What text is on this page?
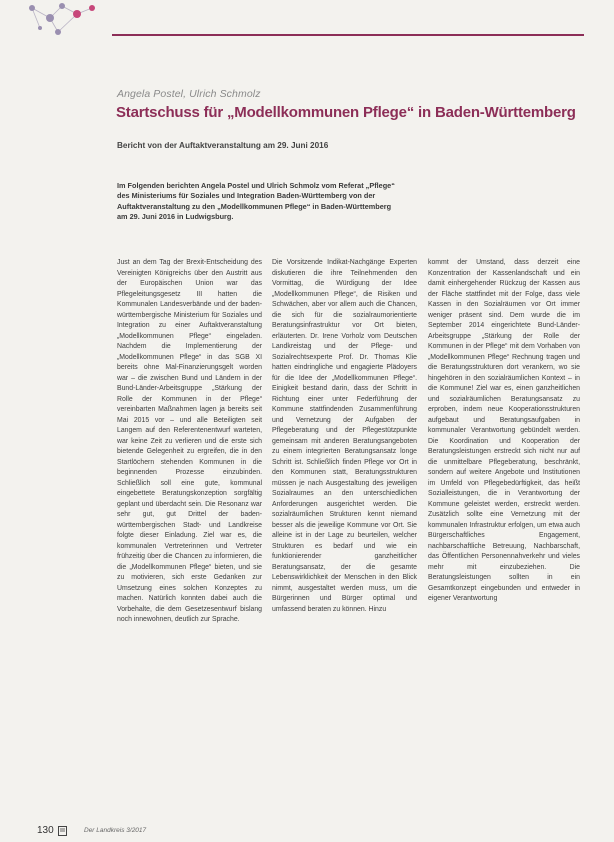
Angela Postel, Ulrich Schmolz
Startschuss für „Modellkommunen Pflege“ in Baden-Württemberg
Bericht von der Auftaktveranstaltung am 29. Juni 2016

Im Folgenden berichten Angela Postel und Ulrich Schmolz vom Referat „Pflege“ des Ministeriums für Soziales und Integration Baden-Württemberg von der Auftaktveranstaltung zu den „Modellkommunen Pflege“ in Baden-Württemberg am 29. Juni 2016 in Ludwigsburg.

Just an dem Tag der Brexit-Entscheidung des Vereinigten Königreichs über den Austritt aus der Europäischen Union war das Pflegeleitungsgesetz III hatten die Kommunalen Landesverbände und der baden-württembergische Ministerium für Soziales und Integration zu einer Auftaktveranstaltung „Modellkommunen Pflege“ eingeladen. Nachdem die Implementierung der „Modellkommunen Pflege“ in das SGB XI bereits ohne Mal-Finanzierungsgelt worden war – die zwischen Bund und Ländern in der Bund-Länder-Arbeitsgruppe „Stärkung der Rolle der Kommunen in der Pflege“ vereinbarten Maßnahmen lagen ja bereits seit Mai 2015 vor – und alle Beteiligten seit Langem auf den Referentenentwurf warteten, war keine Zeit zu verlieren und die erste sich bietende Gelegenheit zu ergreifen, die in den Startlöchern stehenden Kommunen in die beginnenden Prozesse einzubinden. Schließlich soll eine gute, kommunal eingebettete Beratungskonzeption sorgfältig geplant und überdacht sein. Die Resonanz war sehr gut, gut Drittel der baden-württembergischen Stadt- und Landkreise folgte dieser Einladung. Ziel war es, die kommunalen Vertreterinnen und Vertreter frühzeitig über die Chancen zu informieren, die die „Modellkommunen Pflege“ bieten, und sie zu motivieren, sich erste Gedanken zur Umsetzung eines solchen Konzeptes zu machen. Natürlich konnten dabei auch die Vorbehalte, die dem Gesetzesentwurf bislang noch innewohnen, deutlich zur Sprache.

Die Vorsitzende Indikat-Nachgänge Experten diskutieren die ihre Teilnehmenden den Vormittag, die Würdigung der Idee „Modellkommunen Pflege“, die Risiken und Schwächen, aber vor allem auch die Chancen, die sich für die sozialraumorientierte Beratungsinfrastruktur vor Ort bieten, erläuterten. Dr. Irene Vorholz vom Deutschen Landkreistag und der Pflege- und Sozialrechtsexperte Prof. Dr. Thomas Klie hatten eindringliche und engagierte Plädoyers für die Idee der „Modellkommunen Pflege“. Einigkeit bestand darin, dass der Schritt in Richtung einer unter Federführung der Kommune stattfindenden Zusammenführung und Vernetzung der Aufgaben der Pflegeberatung und der Pflegestützpunkte gemeinsam mit anderen Beratungsangeboten zu einem integrierten Beratungsansatz longe Schritt ist. Schließlich finden Pflege vor Ort in den Kommunen statt, Beratungsstrukturen müssen je nach Ausgestaltung des jeweiligen Sozialraumes an den unterschiedlichen Anforderungen ausgerichtet werden. Die sozialräumlichen Strukturen kennt niemand besser als die jeweilige Kommune vor Ort. Sie alleine ist in der Lage zu beurteilen, welcher Strukturen es bedarf und wie ein funktionierender ganzheitlicher Beratungsansatz, der die gesamte Lebenswirklichkeit der Menschen in den Blick nimmt, ausgestaltet werden muss, um die Bürgerinnen und Bürger optimal und umfassend beraten zu können. Hinzu

kommt der Umstand, dass derzeit eine Konzentration der Kassenlandschaft und ein damit einhergehender Rückzug der Kassen aus der Fläche stattfindet mit der Folge, dass viele Kassen in den Sozialräumen vor Ort immer weniger präsent sind. Dem wurde die im September 2014 eingerichtete Bund-Länder-Arbeitsgruppe „Stärkung der Rolle der Kommunen in der Pflege“ mit dem Vorhaben von „Modellkommunen Pflege“ Rechnung tragen und die Beratungsstrukturen dort verankern, wo sie hingehören in den sozialräumlichen Kontext – in die Kommune! Ziel war es, einen ganzheitlichen und sozialräumlichen Beratungsansatz zu erproben, indem neue Kooperationsstrukturen aufgebaut und Beratungsaufgaben in kommunaler Verantwortung gebündelt werden. Die Koordination und Kooperation der Beratungsleistungen erstreckt sich nicht nur auf die unmittelbare Pflegeberatung, beschränkt, sondern auf weitere Angebote und Institutionen im Umfeld von Pflegebedürftigkeit, das heißt Sozialleistungen, die in Verantwortung der Kommune geleistet werden, erstreckt werden. Zusätzlich sollte eine Vernetzung mit der kommunalen Infrastruktur erfolgen, um etwa auch Bürgerschaftliches Engagement, nachbarschaftliche Betreuung, Nachbarschaft, das Öffentlichen Personennahverkehr und vieles mehr mit einzubeziehen. Die Beratungsleistungen sollten in ein Gesamtkonzept eingebunden und entweder in eigener Verantwortung

130	Der Landkreis 3/2017
